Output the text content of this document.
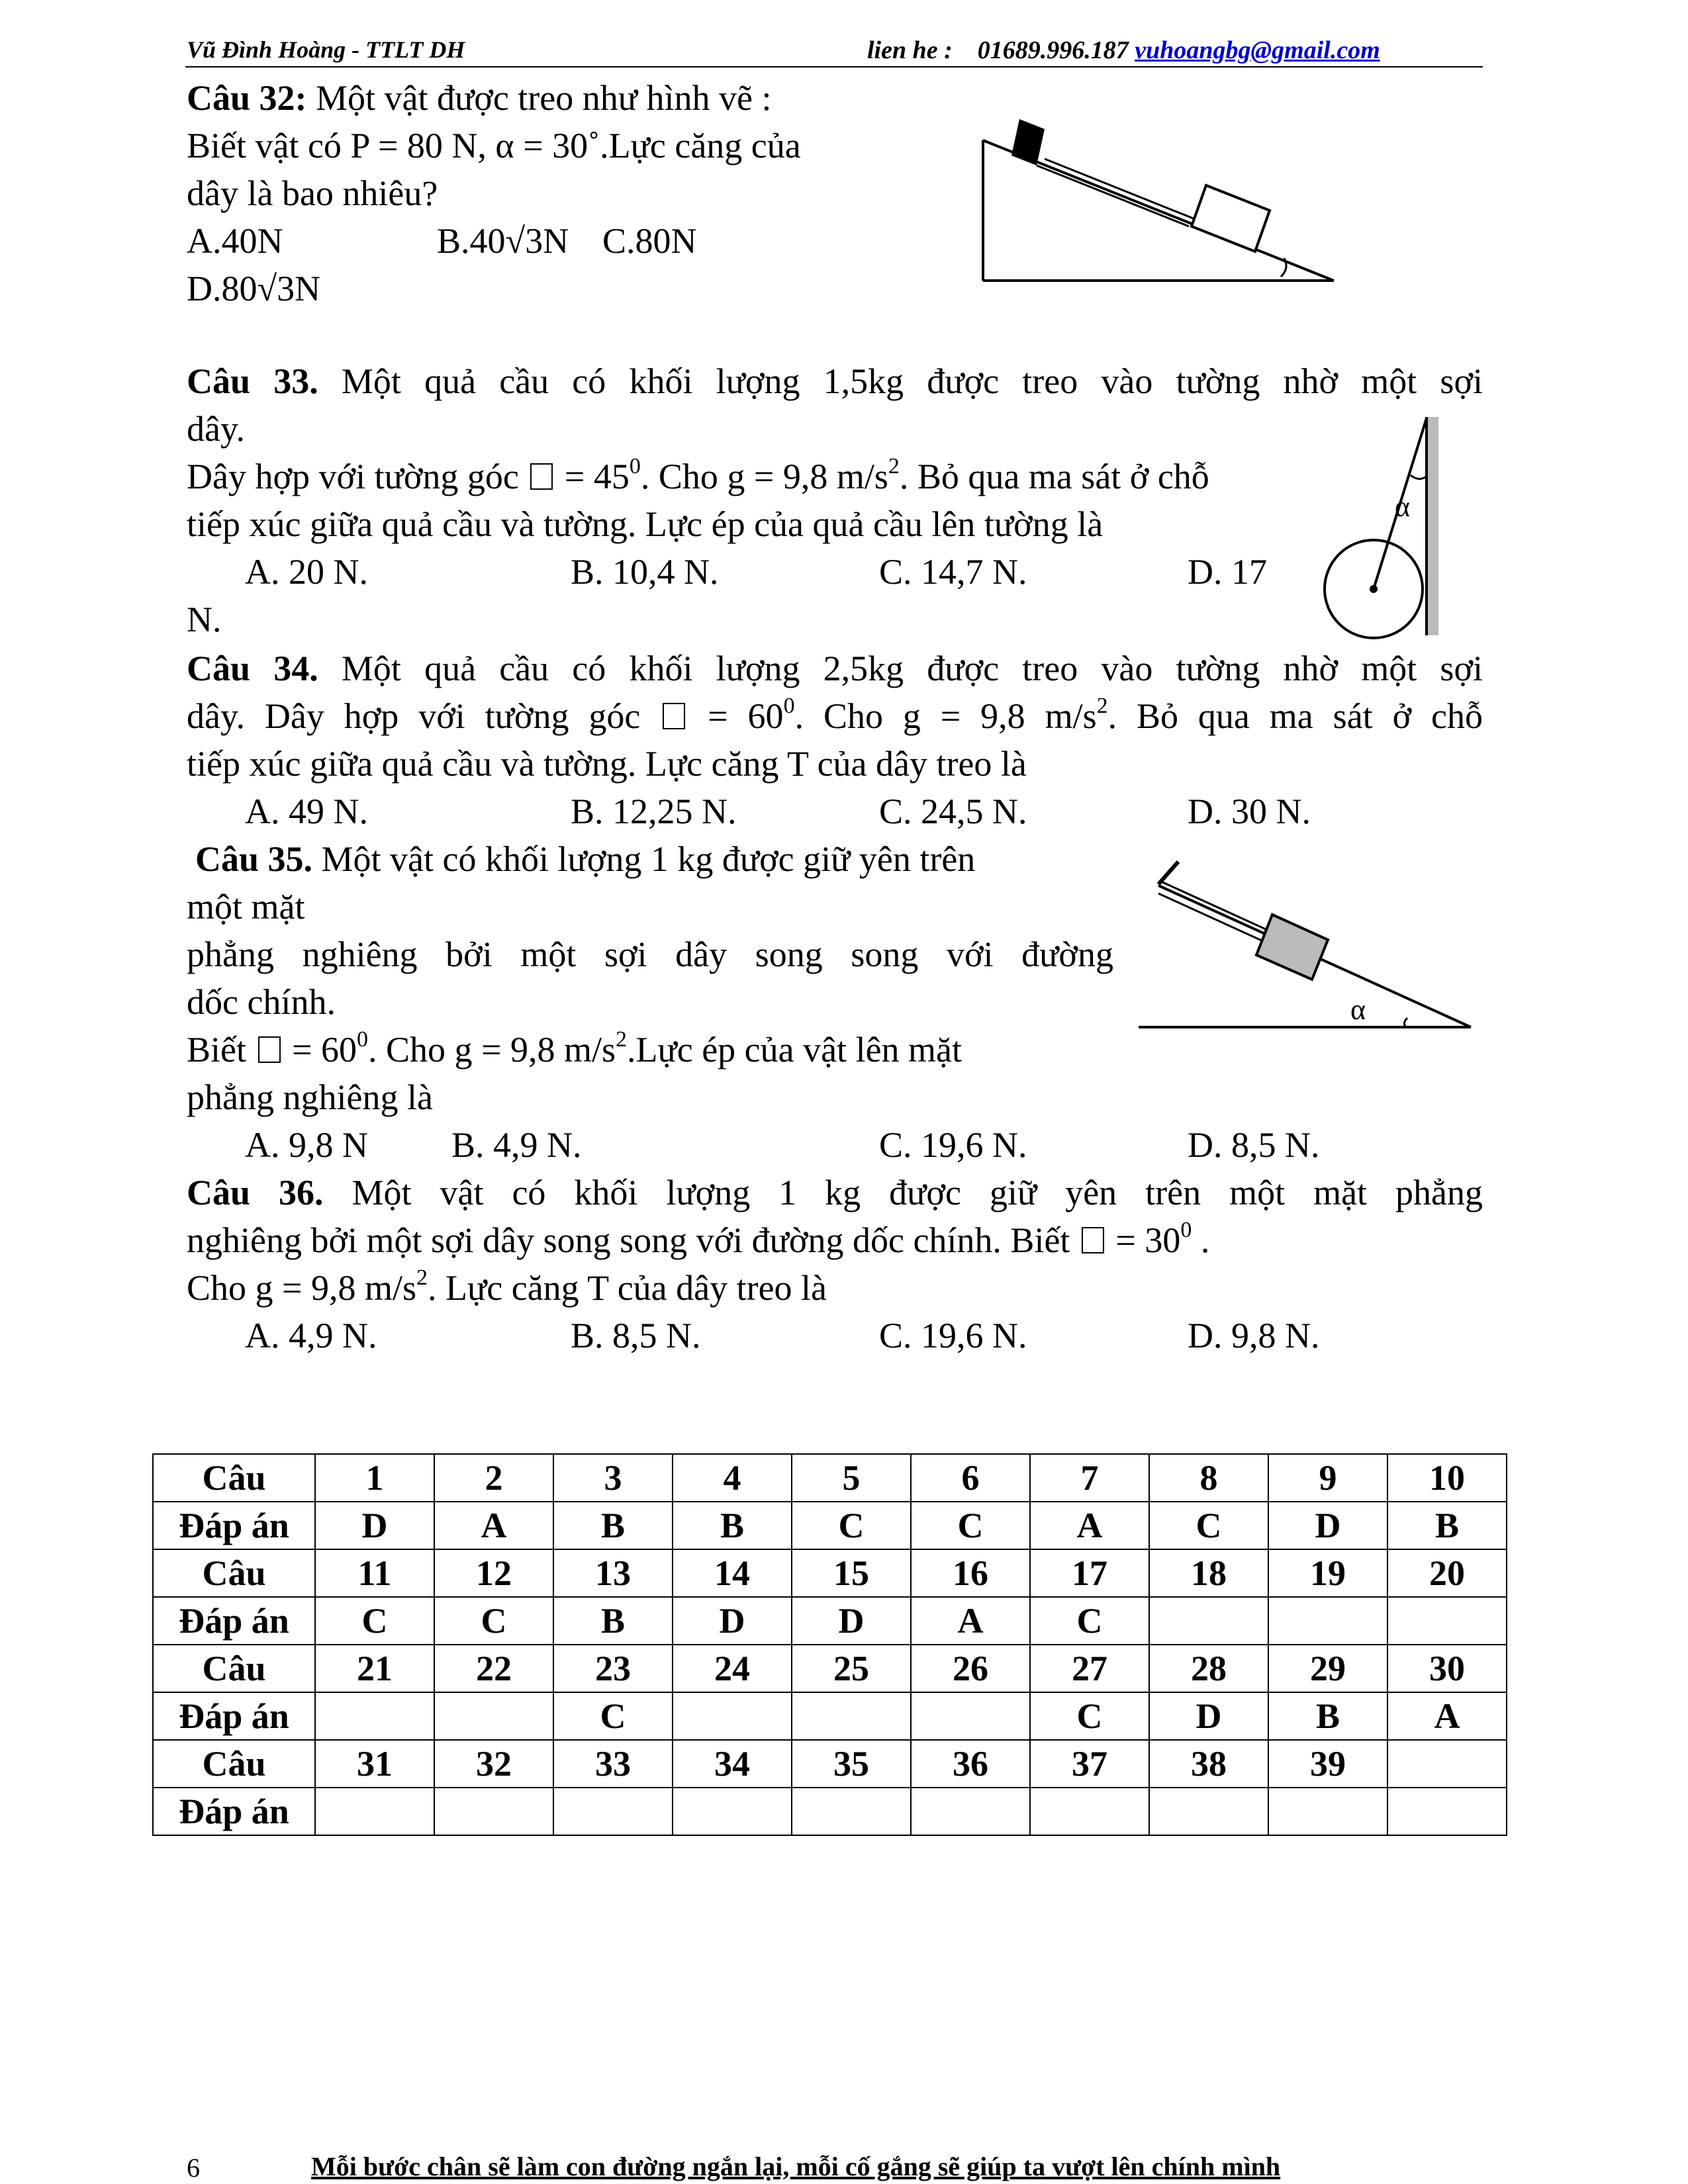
Vũ Đình Hoàng - TTLT DH	lien he : 01689.996.187 vuhoangbg@gmail.com
Câu 32: Một vật được treo như hình vẽ :
Biết vật có P = 80 N, α = 30˚.Lực căng của
dây là bao nhiêu?
A.40N	B.40√3N C.80N
D.80√3N
Câu 33. Một quả cầu có khối lượng 1,5kg được treo vào tường nhờ một sợi
dây.
Dây hợp với tường góc  = $45^0$. Cho g = 9,8 $m/s^2$. Bỏ qua ma sát ở chỗ
tiếp xúc giữa quả cầu và tường. Lực ép của quả cầu lên tường là
A. 20 N.	B. 10,4 N.	C. 14,7 N.	D. 17
N.
α
Câu 34. Một quả cầu có khối lượng 2,5kg được treo vào tường nhờ một sợi
dây. Dây hợp với tường góc  = $60^0$. Cho g = 9,8 $m/s^2$. Bỏ qua ma sát ở chỗ
tiếp xúc giữa quả cầu và tường. Lực căng T của dây treo là
A. 49 N.	B. 12,25 N.	C. 24,5 N.	D. 30 N.
Câu 35. Một vật có khối lượng 1 kg được giữ yên trên
một mặt
phẳng nghiêng bởi một sợi dây song song với đường
dốc chính.
Biết  = $60^0$. Cho g = 9,8 $m/s^2.Lực$ ép của vật lên mặt
phẳng nghiêng là
A. 9,8 N B. 4,9 N.	C. 19,6 N.	D. 8,5 N.
α
Câu 36. Một vật có khối lượng 1 kg được giữ yên trên một mặt phẳng
nghiêng bởi một sợi dây song song với đường dốc chính. Biết  = $30^0$ .
Cho g = 9,8 $m/s^2$. Lực căng T của dây treo là
A. 4,9 N.	B. 8,5 N.	C. 19,6 N.	D. 9,8 N.
Câu	1	2	3	4	5	6	7	8	9	10
Đáp án	D	A	B	B	C	C	A	C	D	B
Câu	11	12	13	14	15	16	17	18	19	20
Đáp án	C	C	B	D	D	A	C			
Câu	21	22	23	24	25	26	27	28	29	30
Đáp án			C				C	D	B	A
Câu	31	32	33	34	35	36	37	38	39	
Đáp án										
6	Mỗi bước chân sẽ làm con đường ngắn lại, mỗi cố gắng sẽ giúp ta vượt lên chính mình
